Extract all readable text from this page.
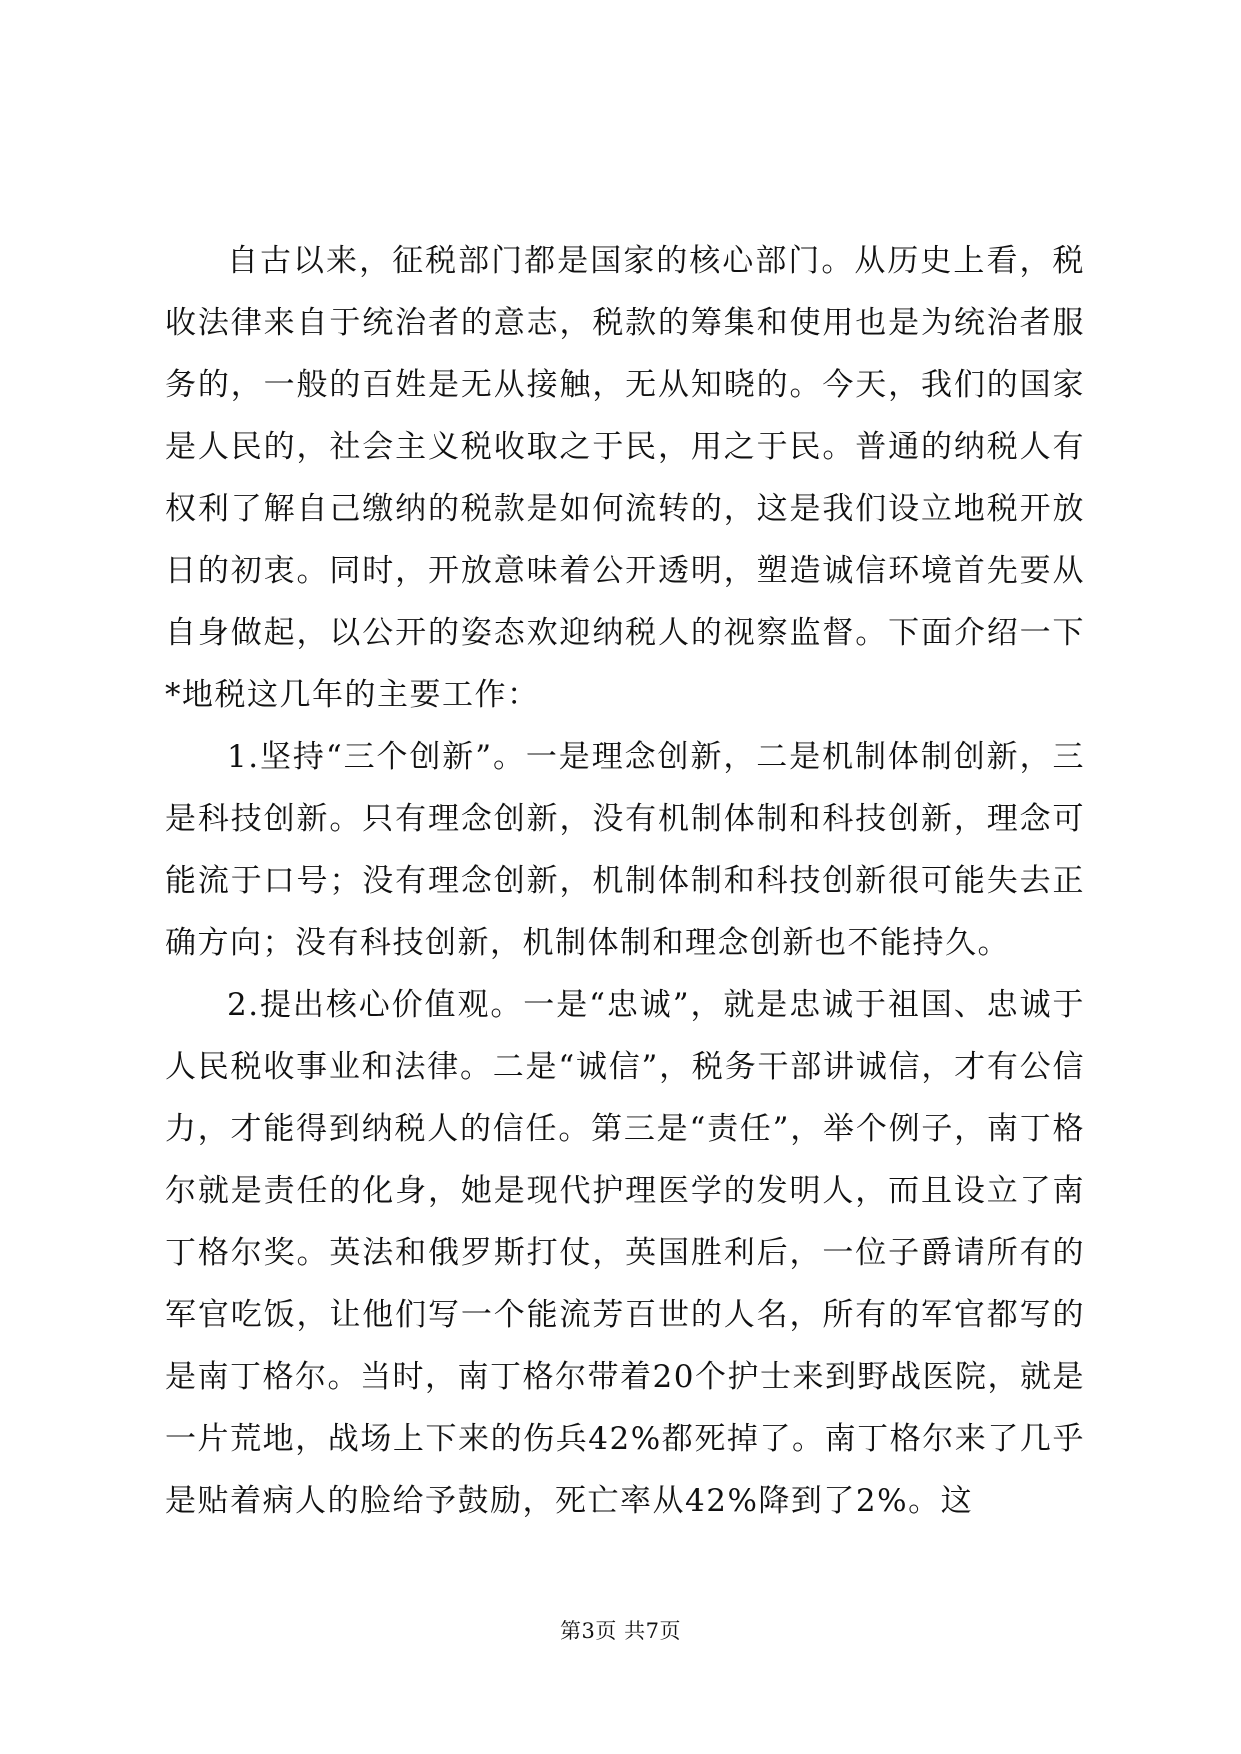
自古以来，征税部门都是国家的核心部门。从历史上看，税收法律来自于统治者的意志，税款的筹集和使用也是为统治者服务的，一般的百姓是无从接触，无从知晓的。今天，我们的国家是人民的，社会主义税收取之于民，用之于民。普通的纳税人有权利了解自己缴纳的税款是如何流转的，这是我们设立地税开放日的初衷。同时，开放意味着公开透明，塑造诚信环境首先要从自身做起，以公开的姿态欢迎纳税人的视察监督。下面介绍一下*地税这几年的主要工作：

1.坚持“三个创新”。一是理念创新，二是机制体制创新，三是科技创新。只有理念创新，没有机制体制和科技创新，理念可能流于口号；没有理念创新，机制体制和科技创新很可能失去正确方向；没有科技创新，机制体制和理念创新也不能持久。

2.提出核心价值观。一是“忠诚”，就是忠诚于祖国、忠诚于人民税收事业和法律。二是“诚信”，税务干部讲诚信，才有公信力，才能得到纳税人的信任。第三是“责任”，举个例子，南丁格尔就是责任的化身，她是现代护理医学的发明人，而且设立了南丁格尔奖。英法和俄罗斯打仗，英国胜利后，一位子爵请所有的军官吃饭，让他们写一个能流芳百世的人名，所有的军官都写的是南丁格尔。当时，南丁格尔带着20个护士来到野战医院，就是一片荒地，战场上下来的伤兵42%都死掉了。南丁格尔来了几乎是贴着病人的脸给予鼓励，死亡率从42%降到了2%。这

第3页 共7页
